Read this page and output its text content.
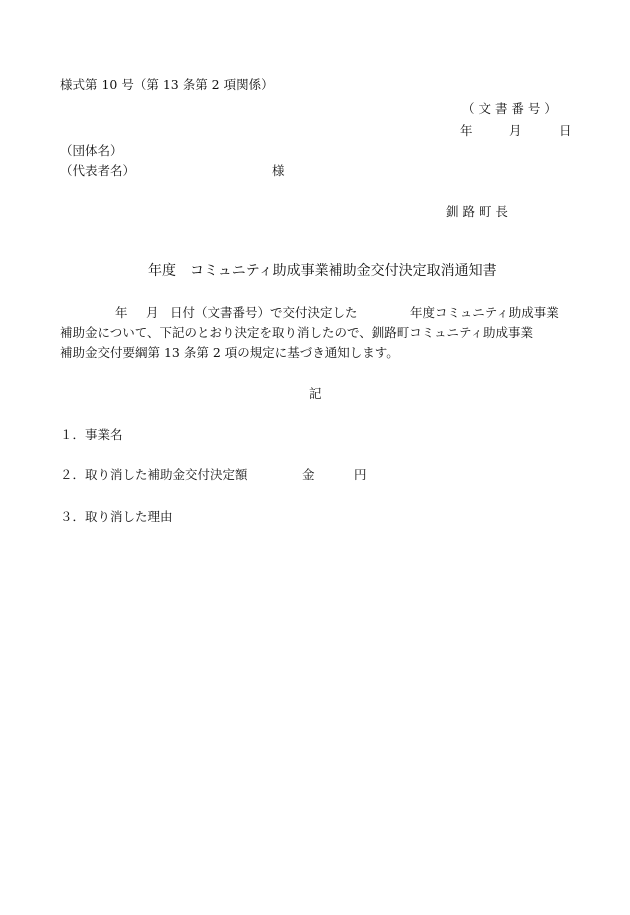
様式第 10 号（第 13 条第 2 項関係）
（ 文 書 番 号 ）
年	月	日
（団体名）
（代表者名）	様
釧 路 町 長
年度　コミュニティ助成事業補助金交付決定取消通知書
年 月 日付（文書番号）で交付決定した	年度コミュニティ助成事業
補助金について、下記のとおり決定を取り消したので、釧路町コミュニティ助成事業
補助金交付要綱第 13 条第 2 項の規定に基づき通知します。
記
１．事業名
２．取り消した補助金交付決定額	金	円
３．取り消した理由
